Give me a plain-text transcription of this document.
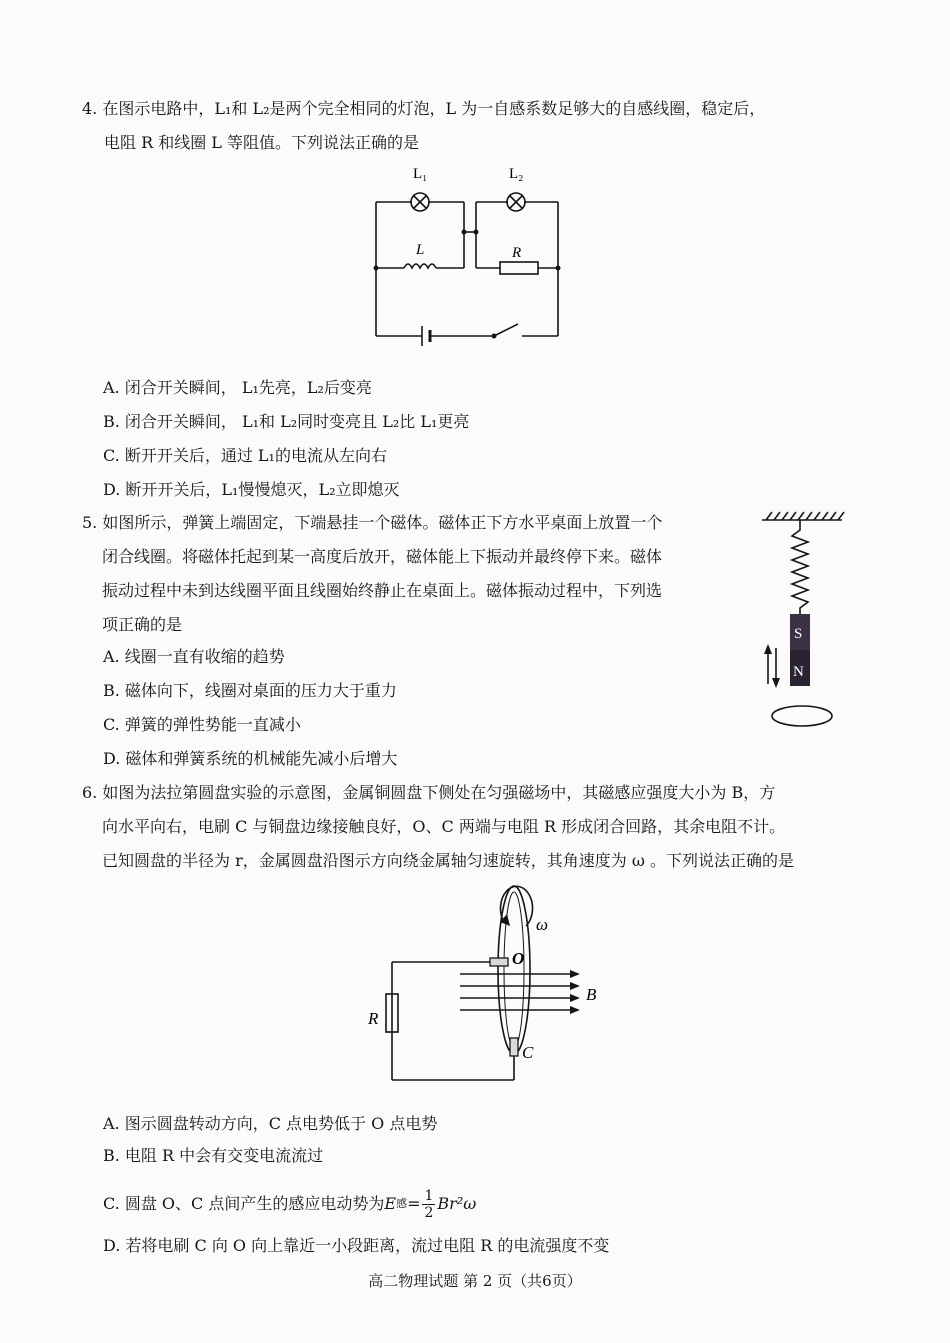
4. 在图示电路中，L₁和 L₂是两个完全相同的灯泡，L 为一自感系数足够大的自感线圈，稳定后，
电阻 R 和线圈 L 等阻值。下列说法正确的是
L₁	L₂
L	R
A. 闭合开关瞬间， L₁先亮，L₂后变亮
B. 闭合开关瞬间， L₁和 L₂同时变亮且 L₂比 L₁更亮
C. 断开开关后，通过 L₁的电流从左向右
D. 断开开关后，L₁慢慢熄灭，L₂立即熄灭
5. 如图所示，弹簧上端固定，下端悬挂一个磁体。磁体正下方水平桌面上放置一个
闭合线圈。将磁体托起到某一高度后放开，磁体能上下振动并最终停下来。磁体
振动过程中未到达线圈平面且线圈始终静止在桌面上。磁体振动过程中，下列选
项正确的是
A. 线圈一直有收缩的趋势
B. 磁体向下，线圈对桌面的压力大于重力
C. 弹簧的弹性势能一直减小
D. 磁体和弹簧系统的机械能先减小后增大
S
N
6. 如图为法拉第圆盘实验的示意图，金属铜圆盘下侧处在匀强磁场中，其磁感应强度大小为 B，方
向水平向右，电刷 C 与铜盘边缘接触良好，O、C 两端与电阻 R 形成闭合回路，其余电阻不计。
已知圆盘的半径为 r，金属圆盘沿图示方向绕金属轴匀速旋转，其角速度为 ω 。下列说法正确的是
ω
O
B
R
C
A. 图示圆盘转动方向，C 点电势低于 O 点电势
B. 电阻 R 中会有交变电流流过
C. 圆盘 O、C 点间产生的感应电动势为 E 感 = $\frac{1}{2} Br^2\omega$
D. 若将电刷 C 向 O 向上靠近一小段距离，流过电阻 R 的电流强度不变
高二物理试题 第 2 页（共6页）
